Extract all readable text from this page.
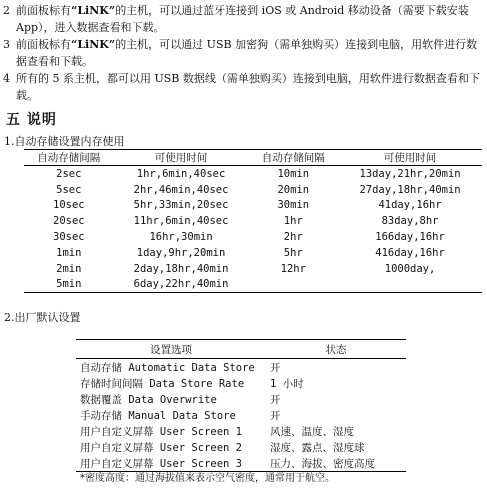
2 前面板标有“LiNK”的主机，可以通过蓝牙连接到 iOS 或 Android 移动设备（需要下载安装 App），进入数据查看和下载。
3 前面板标有“LiNK”的主机，可以通过 USB 加密狗（需单独购买）连接到电脑，用软件进行数据查看和下载。
4 所有的 5 系主机，都可以用 USB 数据线（需单独购买）连接到电脑，用软件进行数据查看和下载。
五 说明
1.自动存储设置内存使用
自动存储间隔	可使用时间	自动存储间隔	可使用时间
2sec	1hr,6min,40sec	10min	13day,21hr,20min
5sec	2hr,46min,40sec	20min	27day,18hr,40min
10sec	5hr,33min,20sec	30min	41day,16hr
20sec	11hr,6min,40sec	1hr	83day,8hr
30sec	16hr,30min	2hr	166day,16hr
1min	1day,9hr,20min	5hr	416day,16hr
2min	2day,18hr,40min	12hr	1000day,
5min	6day,22hr,40min		
2.出厂默认设置
设置选项	状态
自动存储 Automatic Data Store	开
存储时间间隔 Data Store Rate	1 小时
数据覆盖 Data Overwrite	开
手动存储 Manual Data Store	开
用户自定义屏幕 User Screen 1	风速、温度、湿度
用户自定义屏幕 User Screen 2	湿度、露点、湿度球
用户自定义屏幕 User Screen 3	压力、海拔、密度高度
*密度高度：通过海拔值来表示空气密度，通常用于航空。
